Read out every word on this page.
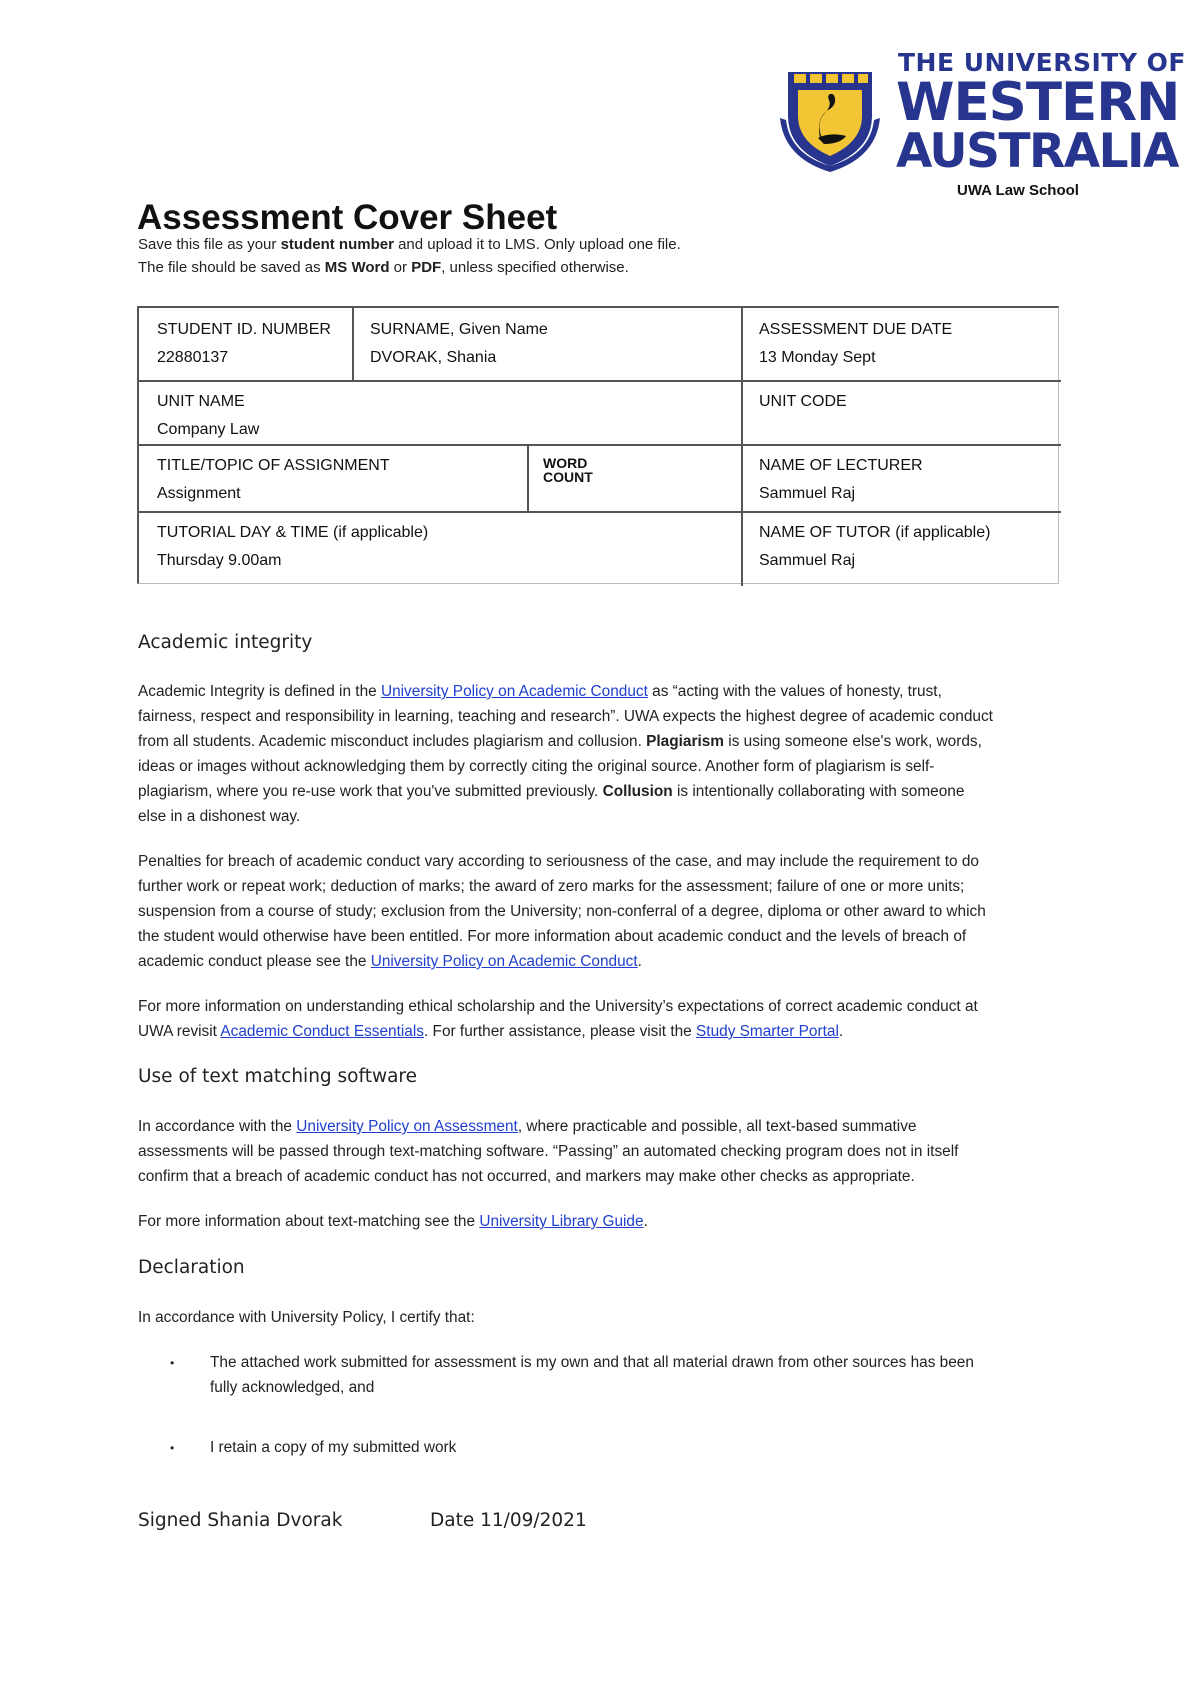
THE UNIVERSITY OF
WESTERN
AUSTRALIA
UWA Law School
Assessment Cover Sheet
Save this file as your student number and upload it to LMS. Only upload one file.
The file should be saved as MS Word or PDF, unless specified otherwise.
STUDENT ID. NUMBER
22880137
SURNAME, Given Name
DVORAK, Shania
ASSESSMENT DUE DATE
13 Monday Sept
UNIT NAME
Company Law
UNIT CODE
TITLE/TOPIC OF ASSIGNMENT
Assignment
WORD
COUNT
NAME OF LECTURER
Sammuel Raj
TUTORIAL DAY & TIME (if applicable)
Thursday 9.00am
NAME OF TUTOR (if applicable)
Sammuel Raj
Academic integrity
Academic Integrity is defined in the University Policy on Academic Conduct as “acting with the values of honesty, trust,
fairness, respect and responsibility in learning, teaching and research”. UWA expects the highest degree of academic conduct
from all students. Academic misconduct includes plagiarism and collusion. Plagiarism is using someone else's work, words,
ideas or images without acknowledging them by correctly citing the original source. Another form of plagiarism is self-
plagiarism, where you re-use work that you've submitted previously. Collusion is intentionally collaborating with someone
else in a dishonest way.
Penalties for breach of academic conduct vary according to seriousness of the case, and may include the requirement to do
further work or repeat work; deduction of marks; the award of zero marks for the assessment; failure of one or more units;
suspension from a course of study; exclusion from the University; non-conferral of a degree, diploma or other award to which
the student would otherwise have been entitled. For more information about academic conduct and the levels of breach of
academic conduct please see the University Policy on Academic Conduct.
For more information on understanding ethical scholarship and the University’s expectations of correct academic conduct at
UWA revisit Academic Conduct Essentials. For further assistance, please visit the Study Smarter Portal.
Use of text matching software
In accordance with the University Policy on Assessment, where practicable and possible, all text-based summative
assessments will be passed through text-matching software. “Passing” an automated checking program does not in itself
confirm that a breach of academic conduct has not occurred, and markers may make other checks as appropriate.
For more information about text-matching see the University Library Guide.
Declaration
In accordance with University Policy, I certify that:
• The attached work submitted for assessment is my own and that all material drawn from other sources has been
fully acknowledged, and
• I retain a copy of my submitted work
Signed Shania Dvorak	Date 11/09/2021
